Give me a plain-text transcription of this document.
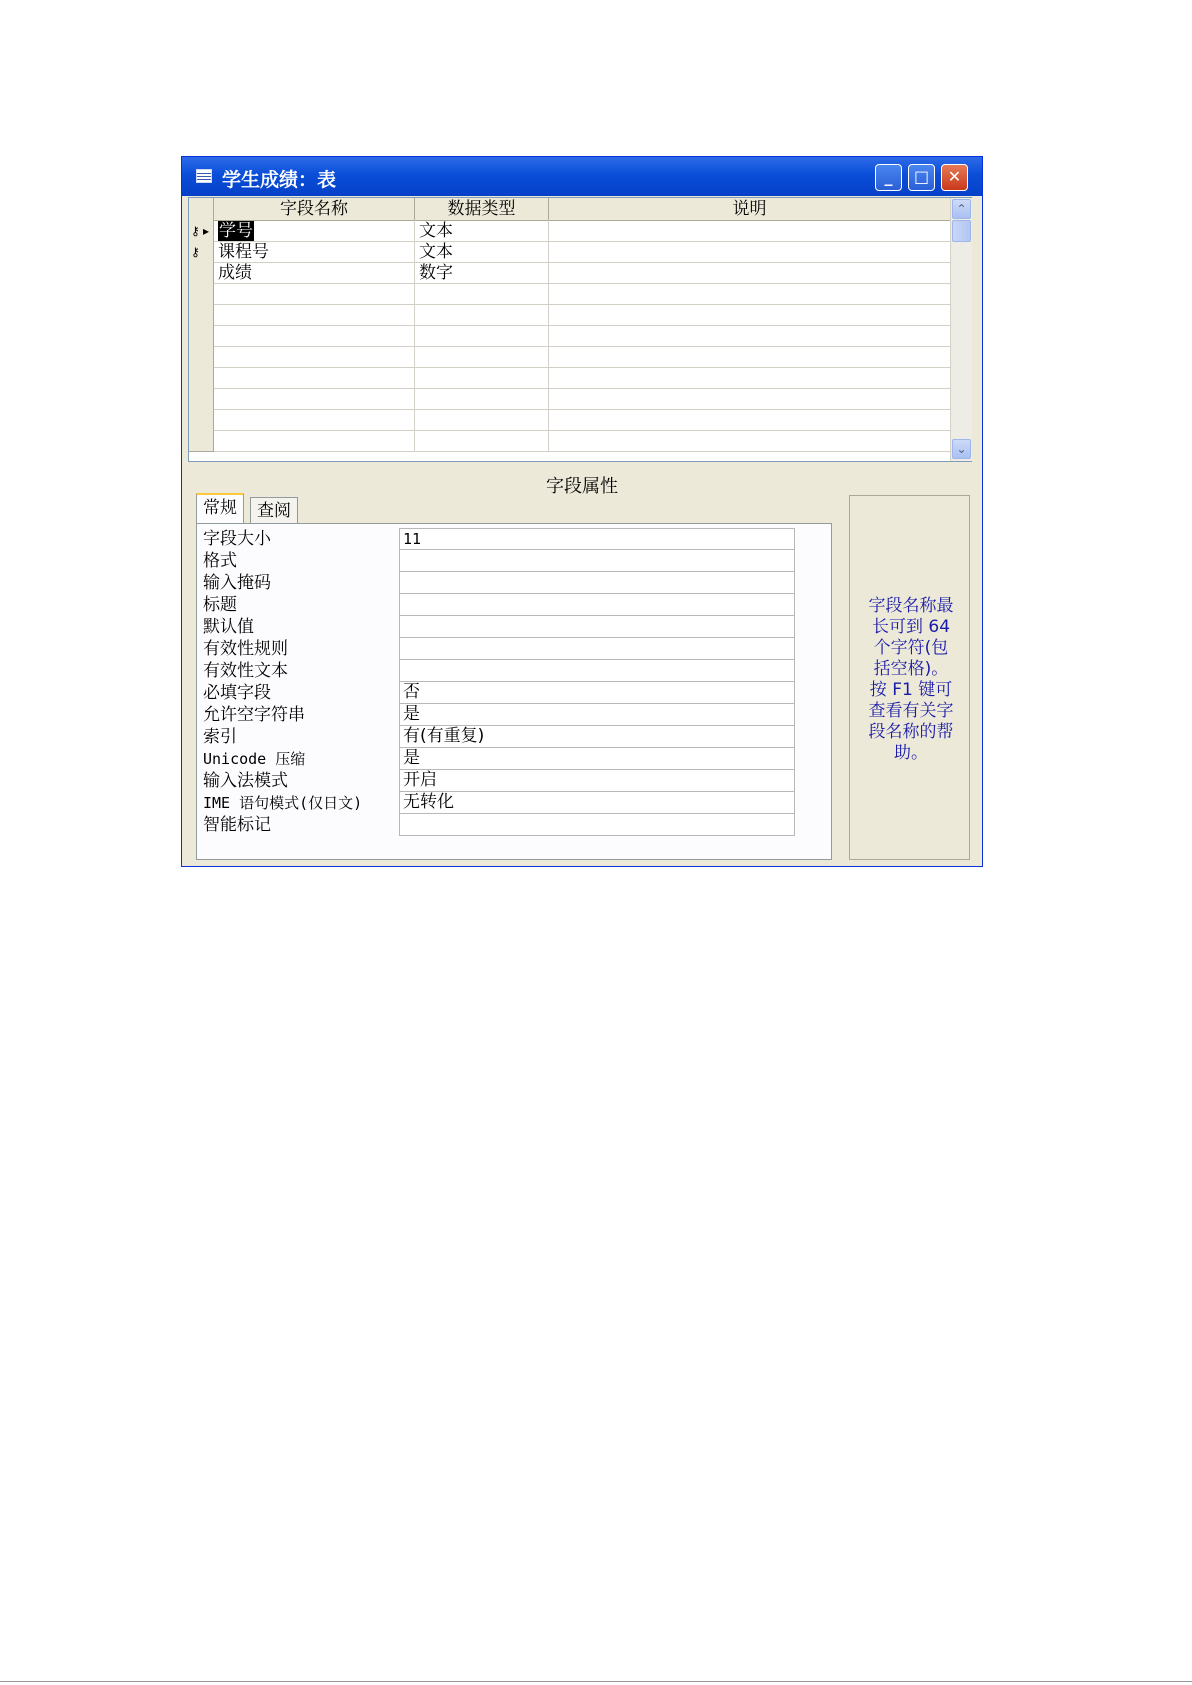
学生成绩：表	_	□	✕
字段名称	数据类型	说明
⚷ ▸ 学号	文本
⚷ 课程号	文本
成绩	数字
⌃
⌄
字段属性
常规	查阅
字段大小	11
格式
输入掩码
标题
默认值
有效性规则
有效性文本
必填字段	否
允许空字符串	是
索引	有(有重复)
Unicode 压缩	是
输入法模式	开启
IME 语句模式(仅日文)	无转化
智能标记
字段名称最
长可到 64
个字符(包
括空格)。
按 F1 键可
查看有关字
段名称的帮
助。
